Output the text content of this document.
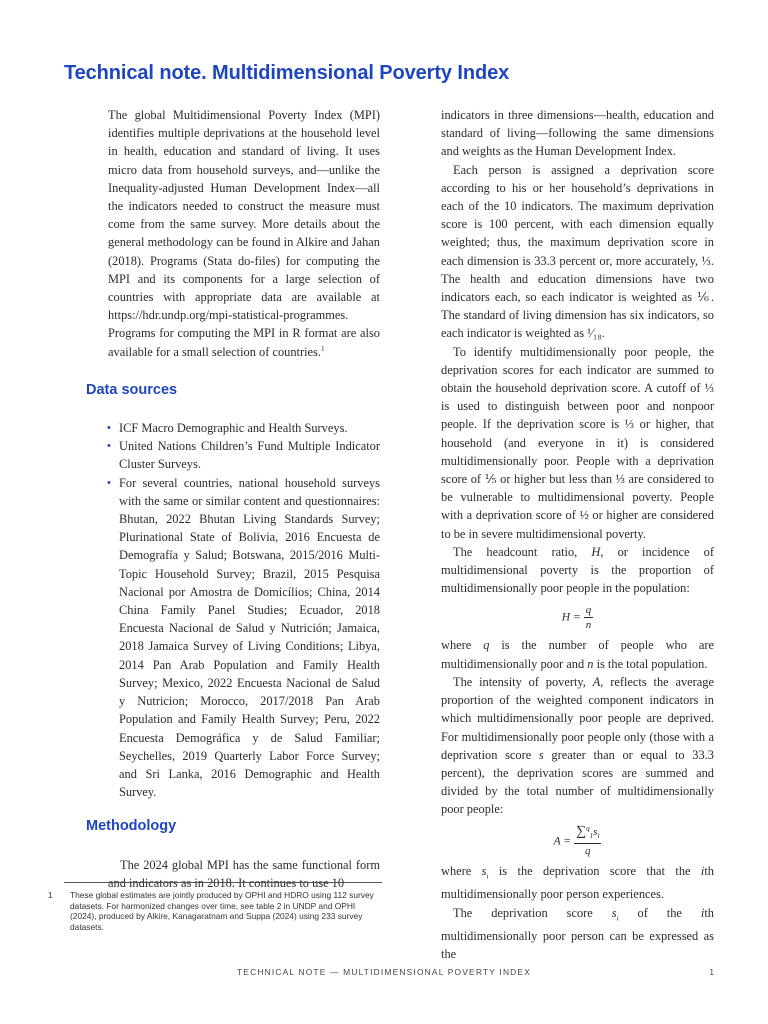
Technical note. Multidimensional Poverty Index

The global Multidimensional Poverty Index (MPI) identifies multiple deprivations at the household level in health, education and standard of living. It uses micro data from household surveys, and—unlike the Inequality-adjusted Human Development Index—all the indicators needed to construct the measure must come from the same survey. More details about the general methodology can be found in Alkire and Jahan (2018). Programs (Stata do-files) for computing the MPI and its components for a large selection of countries with appropriate data are available at https://hdr.undp.org/mpi-statistical-programmes. Programs for computing the MPI in R format are also available for a small selection of countries.$^1$

Data sources
• ICF Macro Demographic and Health Surveys.
• United Nations Children’s Fund Multiple Indicator Cluster Surveys.
• For several countries, national household surveys with the same or similar content and questionnaires: Bhutan, 2022 Bhutan Living Standards Survey; Plurinational State of Bolivia, 2016 Encuesta de Demografía y Salud; Botswana, 2015/2016 Multi-Topic Household Survey; Brazil, 2015 Pesquisa Nacional por Amostra de Domicílios; China, 2014 China Family Panel Studies; Ecuador, 2018 Encuesta Nacional de Salud y Nutrición; Jamaica, 2018 Jamaica Survey of Living Conditions; Libya, 2014 Pan Arab Population and Family Health Survey; Mexico, 2022 Encuesta Nacional de Salud y Nutricion; Morocco, 2017/2018 Pan Arab Population and Family Health Survey; Peru, 2022 Encuesta Demográfica y de Salud Familiar; Seychelles, 2019 Quarterly Labor Force Survey; and Sri Lanka, 2016 Demographic and Health Survey.
Methodology

The 2024 global MPI has the same functional form and indicators as in 2018. It continues to use 10

indicators in three dimensions—health, education and standard of living—following the same dimensions and weights as the Human Development Index.

Each person is assigned a deprivation score according to his or her household’s deprivations in each of the 10 indicators. The maximum deprivation score is 100 percent, with each dimension equally weighted; thus, the maximum deprivation score in each dimension is 33.3 percent or, more accurately, ⅓. The health and education dimensions have two indicators each, so each indicator is weighted as ⅙. The standard of living dimension has six indicators, so each indicator is weighted as ¹⁄₁₈.

To identify multidimensionally poor people, the deprivation scores for each indicator are summed to obtain the household deprivation score. A cutoff of ⅓ is used to distinguish between poor and nonpoor people. If the deprivation score is ⅓ or higher, that household (and everyone in it) is considered multidimensionally poor. People with a deprivation score of ⅕ or higher but less than ⅓ are considered to be vulnerable to multidimensional poverty. People with a deprivation score of ½ or higher are considered to be in severe multidimensional poverty.

The headcount ratio, H, or incidence of multidimensional poverty is the proportion of multidimensionally poor people in the population:

$H = \frac{q}{n}$

where q is the number of people who are multidimensionally poor and n is the total population.

The intensity of poverty, A, reflects the average proportion of the weighted component indicators in which multidimensionally poor people are deprived. For multidimensionally poor people only (those with a deprivation score s greater than or equal to 33.3 percent), the deprivation scores are summed and divided by the total number of multidimensionally poor people:

$A = \frac{\sum^q_1s_i}{q}$

where $s_i$ is the deprivation score that the ith multidimensionally poor person experiences.

The deprivation score $s_i$ of the ith multidimensionally poor person can be expressed as the

1 These global estimates are jointly produced by OPHI and HDRO using 112 survey datasets. For harmonized changes over time, see table 2 in UNDP and OPHI (2024), produced by Alkire, Kanagaratnam and Suppa (2024) using 233 survey datasets.
TECHNICAL NOTE — MULTIDIMENSIONAL POVERTY INDEX	1
